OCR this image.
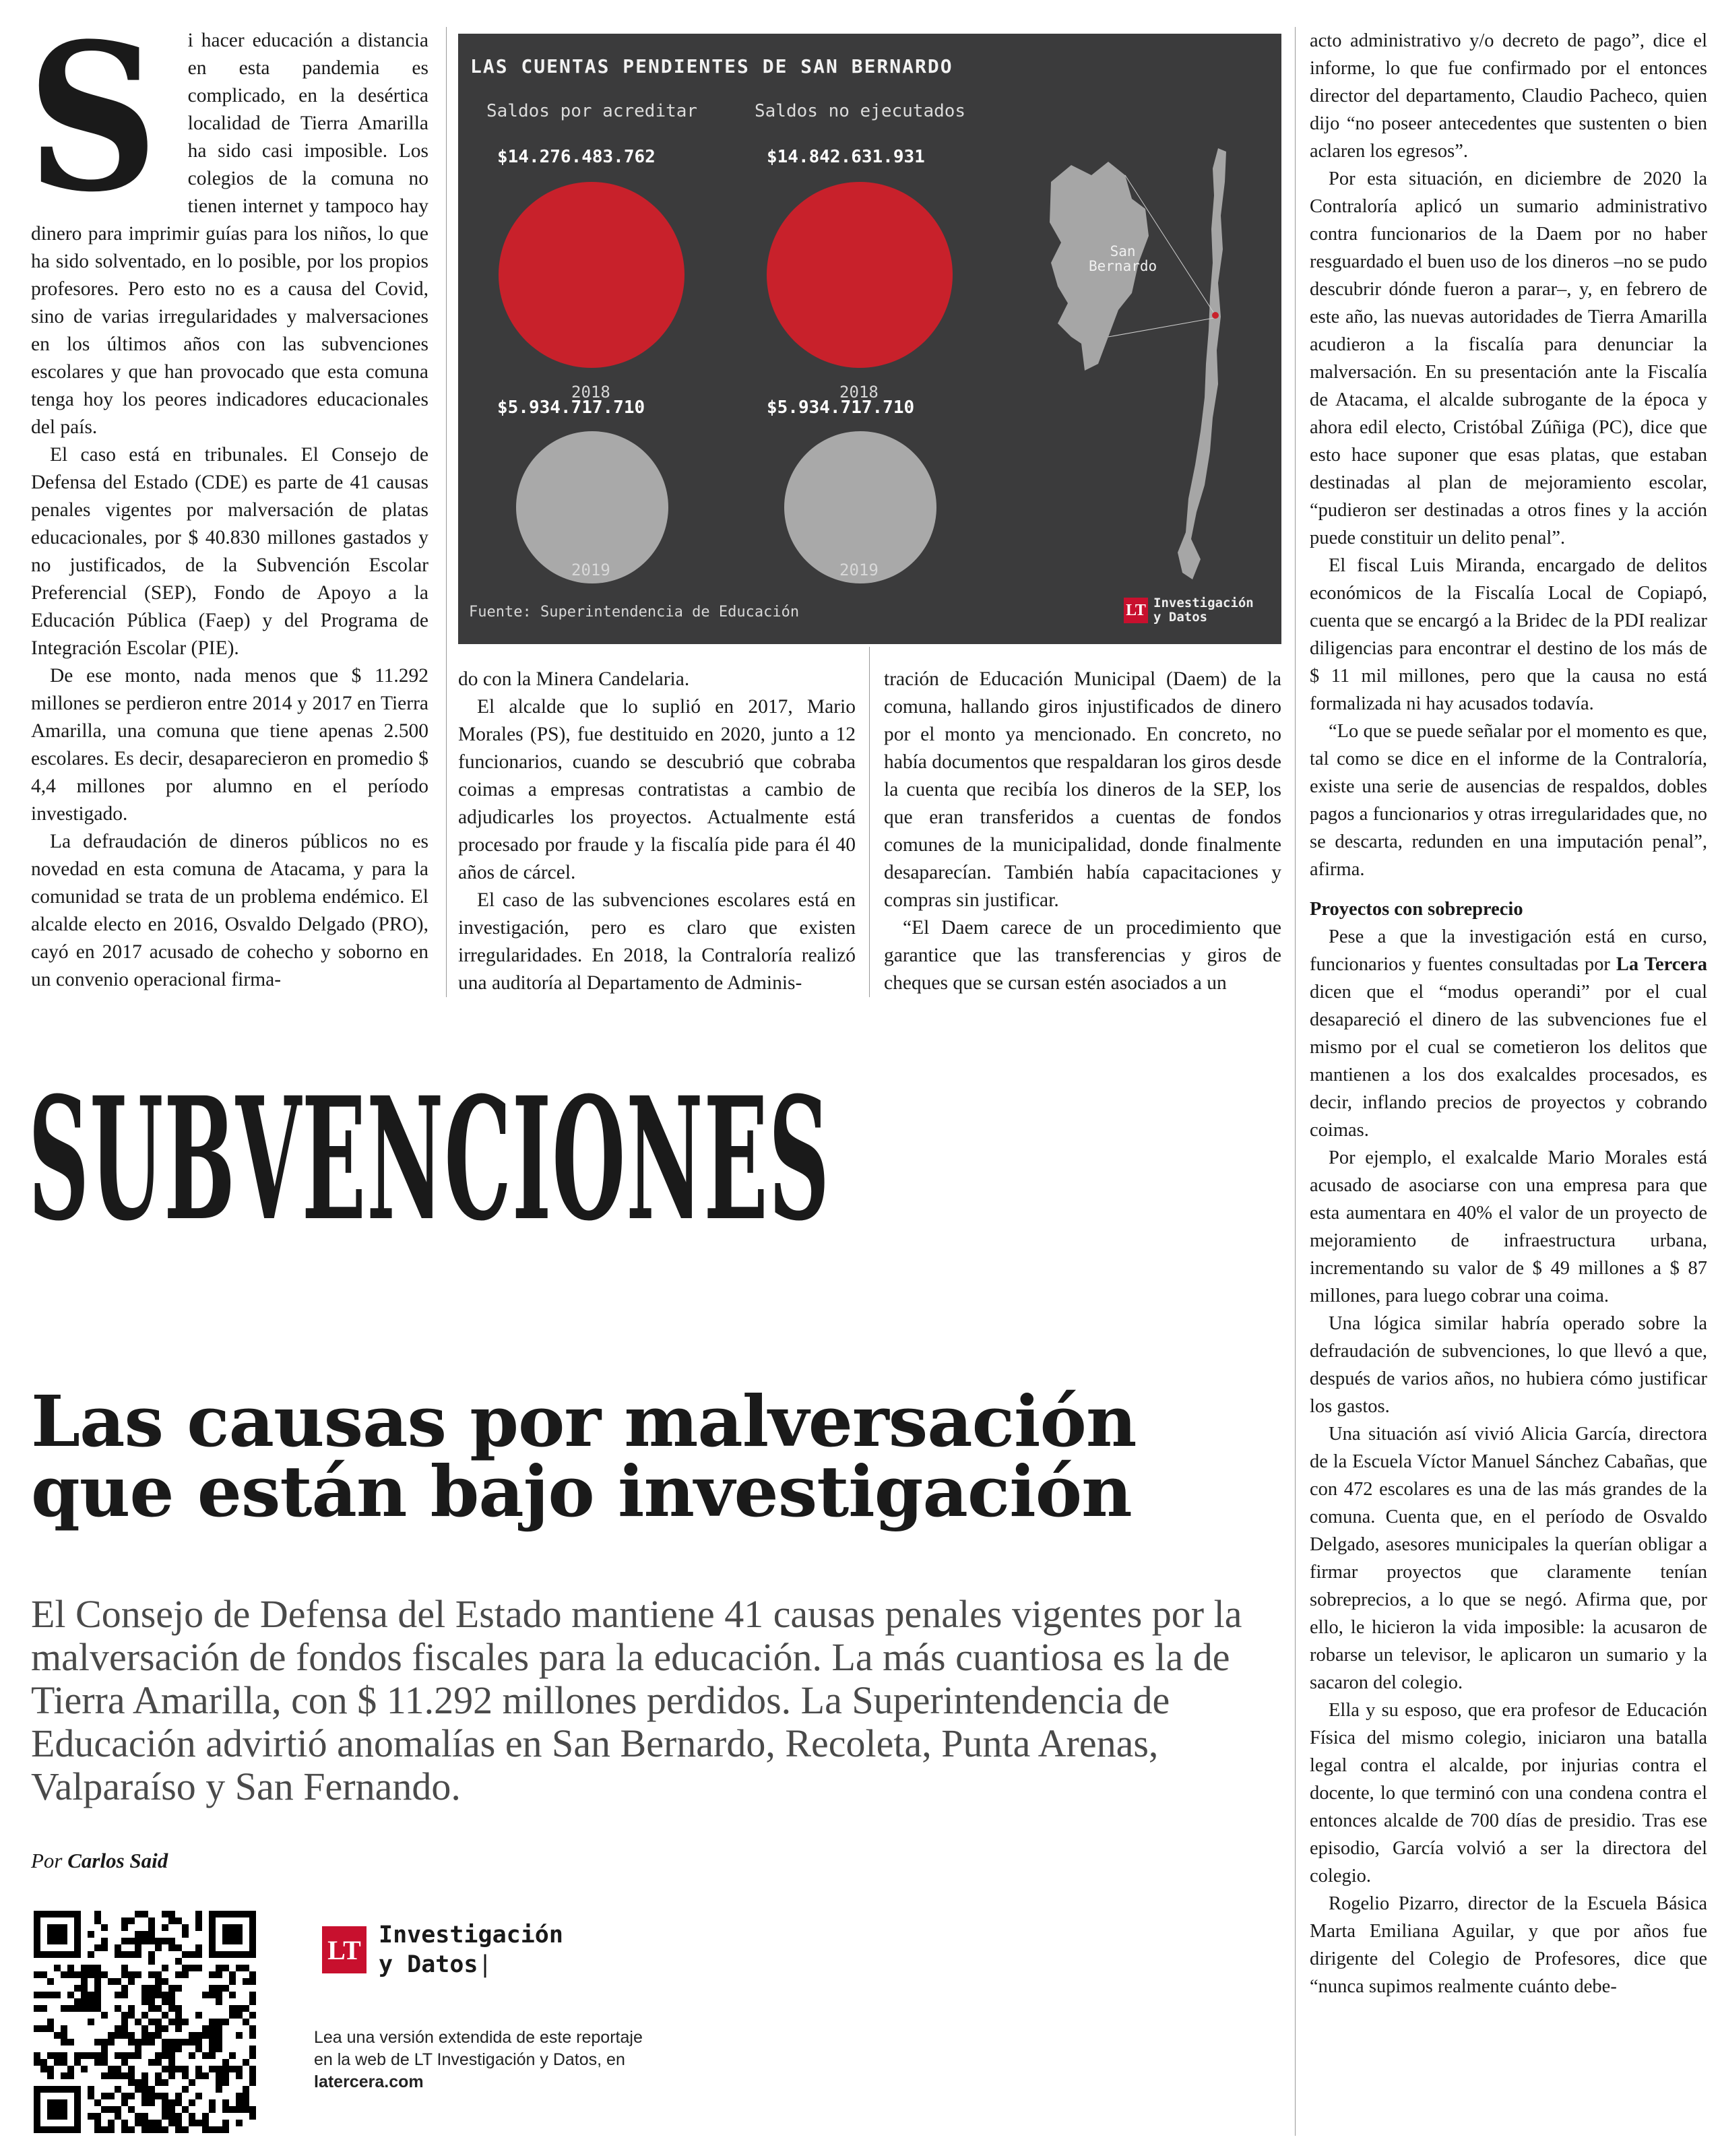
S	i hacer educación a distancia en esta pandemia es complicado, en la desértica localidad de Tierra Amarilla ha sido casi imposible. Los colegios de la comuna no tienen internet y tampoco hay dinero para imprimir guías para los niños, lo que ha sido solventado, en lo posible, por los propios profesores. Pero esto no es a causa del Covid, sino de varias irregularidades y malversaciones en los últimos años con las subvenciones escolares y que han provocado que esta comuna tenga hoy los peores indicadores educacionales del país.

El caso está en tribunales. El Consejo de Defensa del Estado (CDE) es parte de 41 causas penales vigentes por malversación de platas educacionales, por $ 40.830 millones gastados y no justificados, de la Subvención Escolar Preferencial (SEP), Fondo de Apoyo a la Educación Pública (Faep) y del Programa de Integración Escolar (PIE).

De ese monto, nada menos que $ 11.292 millones se perdieron entre 2014 y 2017 en Tierra Amarilla, una comuna que tiene apenas 2.500 escolares. Es decir, desaparecieron en promedio $ 4,4 millones por alumno en el período investigado.

La defraudación de dineros públicos no es novedad en esta comuna de Atacama, y para la comunidad se trata de un problema endémico. El alcalde electo en 2016, Osvaldo Delgado (PRO), cayó en 2017 acusado de cohecho y soborno en un convenio operacional firma-

LAS CUENTAS PENDIENTES DE SAN BERNARDO
Saldos por acreditar	Saldos no ejecutados
$14.276.483.762	$14.842.631.931
2018	2018
$5.934.717.710	$5.934.717.710
2019	2019
San
Bernardo
Fuente: Superintendencia de Educación	LT Investigación
y Datos

do con la Minera Candelaria.

El alcalde que lo suplió en 2017, Mario Morales (PS), fue destituido en 2020, junto a 12 funcionarios, cuando se descubrió que cobraba coimas a empresas contratistas a cambio de adjudicarles los proyectos. Actualmente está procesado por fraude y la fiscalía pide para él 40 años de cárcel.

El caso de las subvenciones escolares está en investigación, pero es claro que existen irregularidades. En 2018, la Contraloría realizó una auditoría al Departamento de Adminis-

tración de Educación Municipal (Daem) de la comuna, hallando giros injustificados de dinero por el monto ya mencionado. En concreto, no había documentos que respaldaran los giros desde la cuenta que recibía los dineros de la SEP, los que eran transferidos a cuentas de fondos comunes de la municipalidad, donde finalmente desaparecían. También había capacitaciones y compras sin justificar.

“El Daem carece de un procedimiento que garantice que las transferencias y giros de cheques que se cursan estén asociados a un

acto administrativo y/o decreto de pago”, dice el informe, lo que fue confirmado por el entonces director del departamento, Claudio Pacheco, quien dijo “no poseer antecedentes que sustenten o bien aclaren los egresos”.

Por esta situación, en diciembre de 2020 la Contraloría aplicó un sumario administrativo contra funcionarios de la Daem por no haber resguardado el buen uso de los dineros –no se pudo descubrir dónde fueron a parar–, y, en febrero de este año, las nuevas autoridades de Tierra Amarilla acudieron a la fiscalía para denunciar la malversación. En su presentación ante la Fiscalía de Atacama, el alcalde subrogante de la época y ahora edil electo, Cristóbal Zúñiga (PC), dice que esto hace suponer que esas platas, que estaban destinadas al plan de mejoramiento escolar, “pudieron ser destinadas a otros fines y la acción puede constituir un delito penal”.

El fiscal Luis Miranda, encargado de delitos económicos de la Fiscalía Local de Copiapó, cuenta que se encargó a la Bridec de la PDI realizar diligencias para encontrar el destino de los más de $ 11 mil millones, pero que la causa no está formalizada ni hay acusados todavía.

“Lo que se puede señalar por el momento es que, tal como se dice en el informe de la Contraloría, existe una serie de ausencias de respaldos, dobles pagos a funcionarios y otras irregularidades que, no se descarta, redunden en una imputación penal”, afirma.

Proyectos con sobreprecio

Pese a que la investigación está en curso, funcionarios y fuentes consultadas por La Tercera dicen que el “modus operandi” por el cual desapareció el dinero de las subvenciones fue el mismo por el cual se cometieron los delitos que mantienen a los dos exalcaldes procesados, es decir, inflando precios de proyectos y cobrando coimas.

Por ejemplo, el exalcalde Mario Morales está acusado de asociarse con una empresa para que esta aumentara en 40% el valor de un proyecto de mejoramiento de infraestructura urbana, incrementando su valor de $ 49 millones a $ 87 millones, para luego cobrar una coima.

Una lógica similar habría operado sobre la defraudación de subvenciones, lo que llevó a que, después de varios años, no hubiera cómo justificar los gastos.

Una situación así vivió Alicia García, directora de la Escuela Víctor Manuel Sánchez Cabañas, que con 472 escolares es una de las más grandes de la comuna. Cuenta que, en el período de Osvaldo Delgado, asesores municipales la querían obligar a firmar proyectos que claramente tenían sobreprecios, a lo que se negó. Afirma que, por ello, le hicieron la vida imposible: la acusaron de robarse un televisor, le aplicaron un sumario y la sacaron del colegio.

Ella y su esposo, que era profesor de Educación Física del mismo colegio, iniciaron una batalla legal contra el alcalde, por injurias contra el docente, lo que terminó con una condena contra el entonces alcalde de 700 días de presidio. Tras ese episodio, García volvió a ser la directora del colegio.

Rogelio Pizarro, director de la Escuela Básica Marta Emiliana Aguilar, y que por años fue dirigente del Colegio de Profesores, dice que “nunca supimos realmente cuánto debe-

SUBVENCIONES
Las causas por malversación
que están bajo investigación
El Consejo de Defensa del Estado mantiene 41 causas penales vigentes por la malversación de fondos fiscales para la educación. La más cuantiosa es la de Tierra Amarilla, con $ 11.292 millones perdidos. La Superintendencia de Educación advirtió anomalías en San Bernardo, Recoleta, Punta Arenas, Valparaíso y San Fernando.
Por Carlos Said
LT Investigación
y Datos|
Lea una versión extendida de este reportaje en la web de LT Investigación y Datos, en latercera.com
